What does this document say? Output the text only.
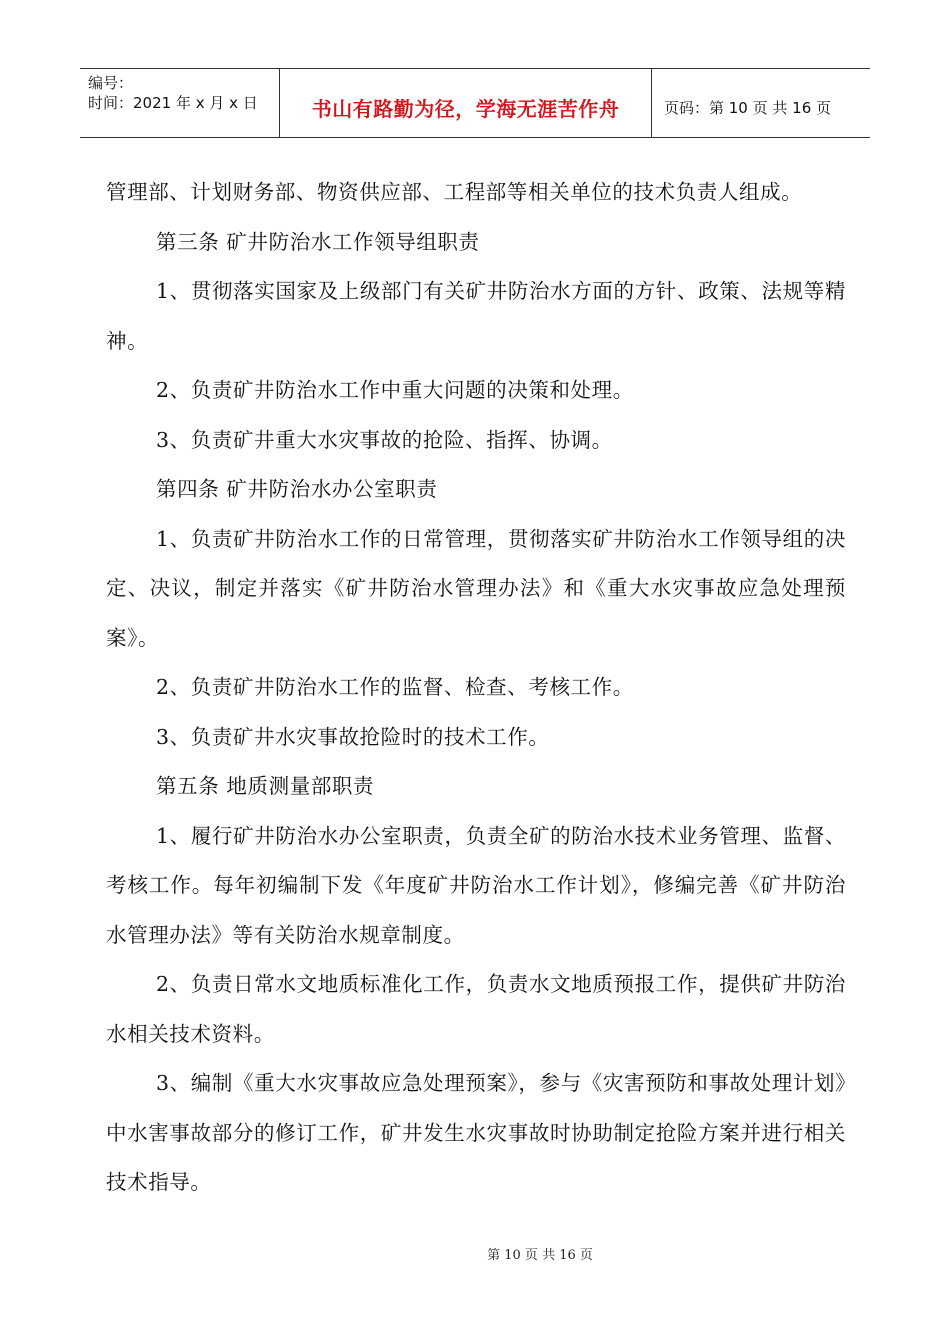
编号：
时间：2021 年 x 月 x 日	书山有路勤为径，学海无涯苦作舟	页码：第 10 页 共 16 页

管理部、计划财务部、物资供应部、工程部等相关单位的技术负责人组成。

第三条 矿井防治水工作领导组职责

1、贯彻落实国家及上级部门有关矿井防治水方面的方针、政策、法规等精神。

2、负责矿井防治水工作中重大问题的决策和处理。

3、负责矿井重大水灾事故的抢险、指挥、协调。

第四条 矿井防治水办公室职责

1、负责矿井防治水工作的日常管理，贯彻落实矿井防治水工作领导组的决定、决议，制定并落实《矿井防治水管理办法》和《重大水灾事故应急处理预案》。

2、负责矿井防治水工作的监督、检查、考核工作。

3、负责矿井水灾事故抢险时的技术工作。

第五条 地质测量部职责

1、履行矿井防治水办公室职责，负责全矿的防治水技术业务管理、监督、考核工作。每年初编制下发《年度矿井防治水工作计划》，修编完善《矿井防治水管理办法》等有关防治水规章制度。

2、负责日常水文地质标准化工作，负责水文地质预报工作，提供矿井防治水相关技术资料。

3、编制《重大水灾事故应急处理预案》，参与《灾害预防和事故处理计划》中水害事故部分的修订工作，矿井发生水灾事故时协助制定抢险方案并进行相关技术指导。

第 10 页 共 16 页
